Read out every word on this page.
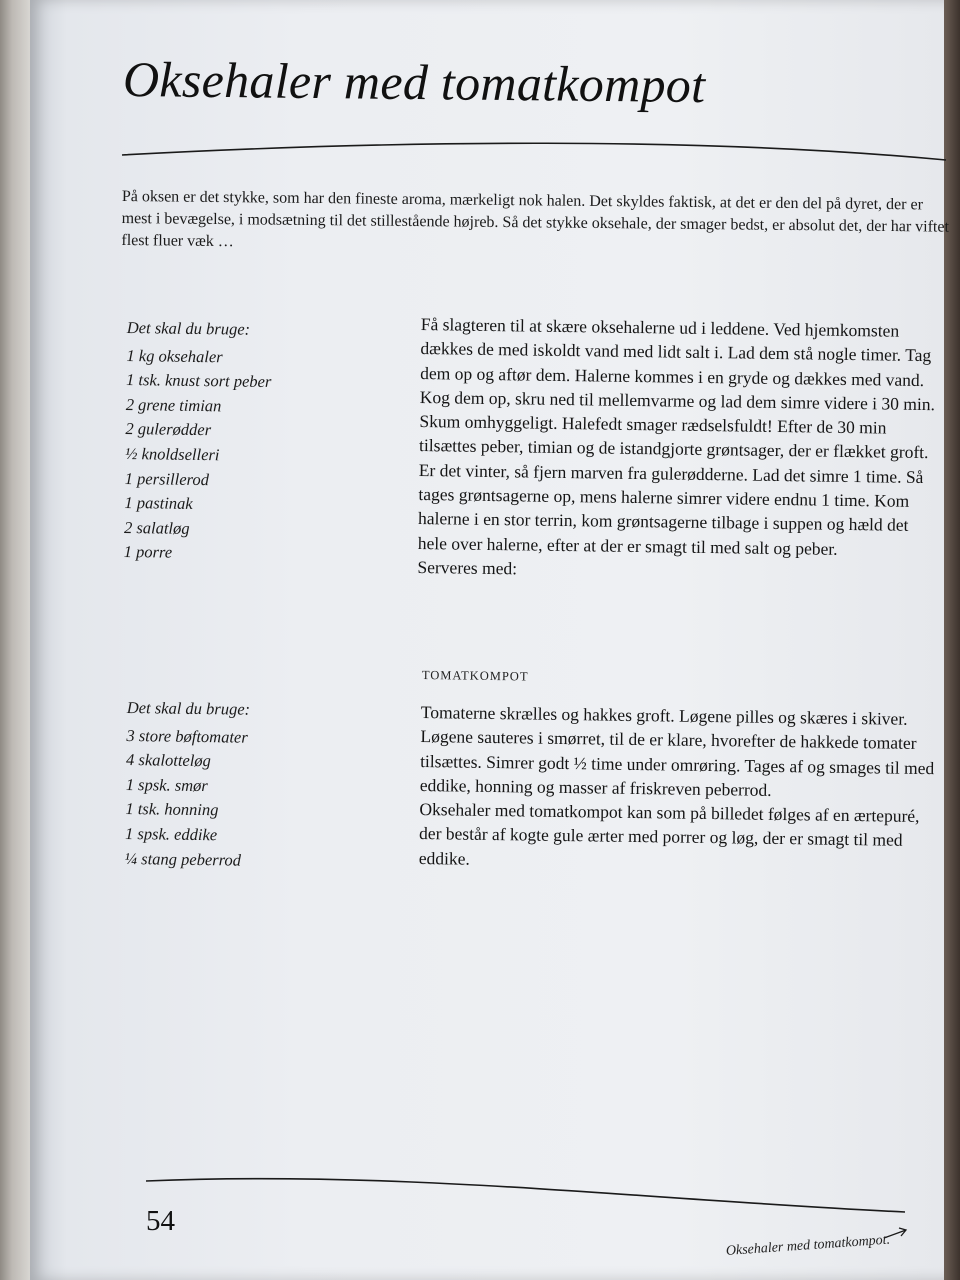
Oksehaler med tomatkompot
På oksen er det stykke, som har den fineste aroma, mærkeligt nok halen. Det skyldes faktisk, at det er den del på dyret, der er mest i bevægelse, i modsætning til det stillestående højreb. Så det stykke oksehale, der smager bedst, er absolut det, der har viftet flest fluer væk …
Det skal du bruge:
1 kg oksehaler
1 tsk. knust sort peber
2 grene timian
2 gulerødder
½ knoldselleri
1 persillerod
1 pastinak
2 salatløg
1 porre

Få slagteren til at skære oksehalerne ud i leddene. Ved hjemkomsten dækkes de med iskoldt vand med lidt salt i. Lad dem stå nogle timer. Tag dem op og aftør dem. Halerne kommes i en gryde og dækkes med vand. Kog dem op, skru ned til mellemvarme og lad dem simre videre i 30 min. Skum omhyggeligt. Halefedt smager rædselsfuldt! Efter de 30 min tilsættes peber, timian og de istandgjorte grøntsager, der er flækket groft. Er det vinter, så fjern marven fra gulerødderne. Lad det simre 1 time. Så tages grøntsagerne op, mens halerne simrer videre endnu 1 time. Kom halerne i en stor terrin, kom grøntsagerne tilbage i suppen og hæld det hele over halerne, efter at der er smagt til med salt og peber.

Serveres med:

TOMATKOMPOT
Det skal du bruge:
3 store bøftomater
4 skalotteløg
1 spsk. smør
1 tsk. honning
1 spsk. eddike
¼ stang peberrod

Tomaterne skrælles og hakkes groft. Løgene pilles og skæres i skiver. Løgene sauteres i smørret, til de er klare, hvorefter de hakkede tomater tilsættes. Simrer godt ½ time under omrøring. Tages af og smages til med eddike, honning og masser af friskreven peberrod.

Oksehaler med tomatkompot kan som på billedet følges af en ærtepuré, der består af kogte gule ærter med porrer og løg, der er smagt til med eddike.

54
Oksehaler med tomatkompot.
